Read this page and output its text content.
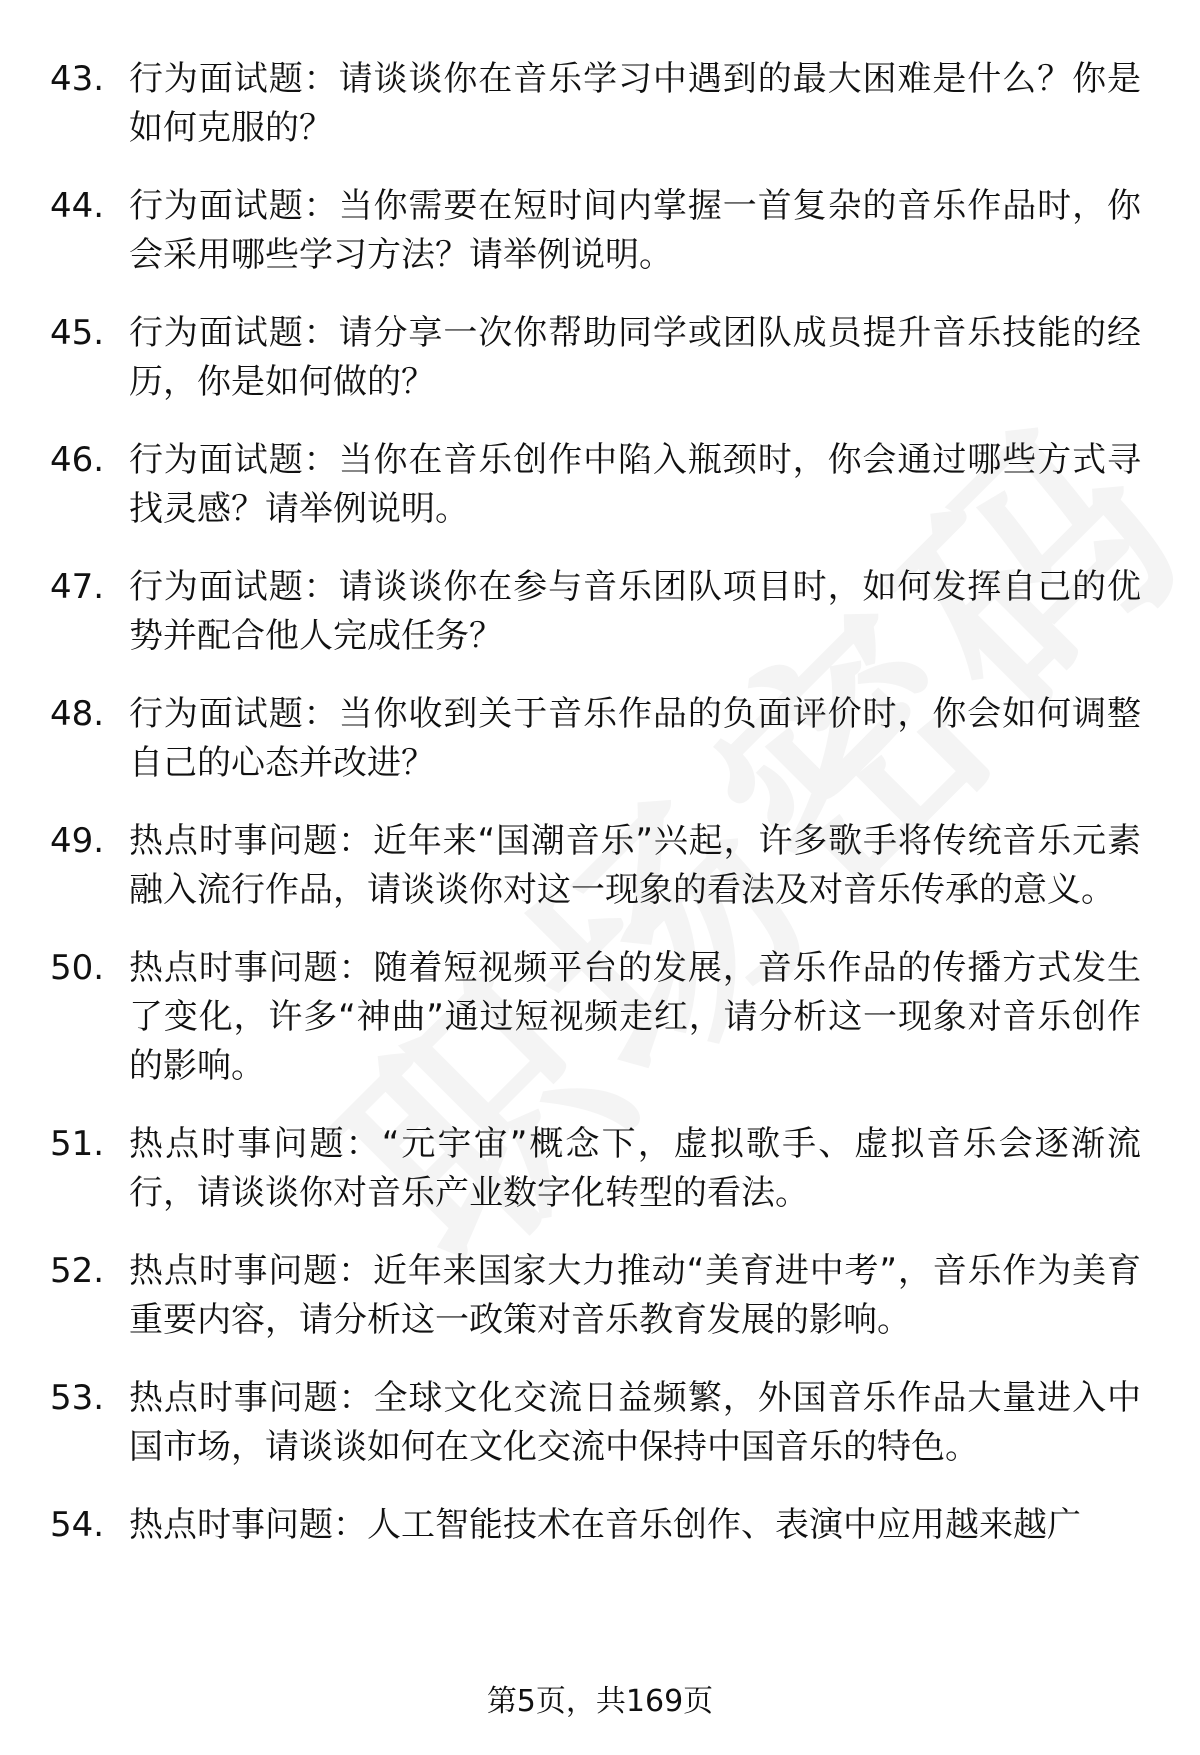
43. 行为面试题：请谈谈你在音乐学习中遇到的最大困难是什么？你是如何克服的？
44. 行为面试题：当你需要在短时间内掌握一首复杂的音乐作品时，你会采用哪些学习方法？请举例说明。
45. 行为面试题：请分享一次你帮助同学或团队成员提升音乐技能的经历，你是如何做的？
46. 行为面试题：当你在音乐创作中陷入瓶颈时，你会通过哪些方式寻找灵感？请举例说明。
47. 行为面试题：请谈谈你在参与音乐团队项目时，如何发挥自己的优势并配合他人完成任务？
48. 行为面试题：当你收到关于音乐作品的负面评价时，你会如何调整自己的心态并改进？
49. 热点时事问题：近年来“国潮音乐”兴起，许多歌手将传统音乐元素融入流行作品，请谈谈你对这一现象的看法及对音乐传承的意义。
50. 热点时事问题：随着短视频平台的发展，音乐作品的传播方式发生了变化，许多“神曲”通过短视频走红，请分析这一现象对音乐创作的影响。
51. 热点时事问题：“元宇宙”概念下，虚拟歌手、虚拟音乐会逐渐流行，请谈谈你对音乐产业数字化转型的看法。
52. 热点时事问题：近年来国家大力推动“美育进中考”，音乐作为美育重要内容，请分析这一政策对音乐教育发展的影响。
53. 热点时事问题：全球文化交流日益频繁，外国音乐作品大量进入中国市场，请谈谈如何在文化交流中保持中国音乐的特色。
54. 热点时事问题：人工智能技术在音乐创作、表演中应用越来越广
第5页，共169页
